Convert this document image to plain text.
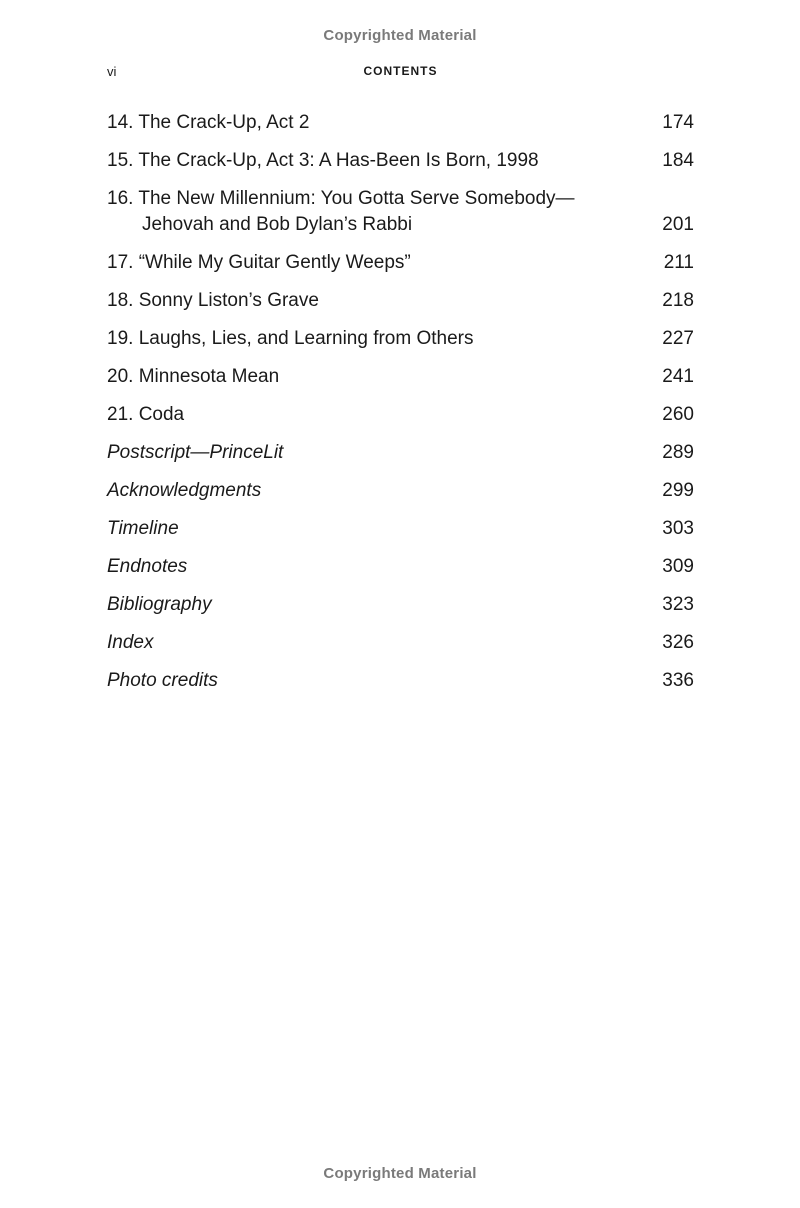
Copyrighted Material
vi	CONTENTS
14. The Crack-Up, Act 2	174
15. The Crack-Up, Act 3: A Has-Been Is Born, 1998	184
16. The New Millennium: You Gotta Serve Somebody—
Jehovah and Bob Dylan’s Rabbi	201
17. “While My Guitar Gently Weeps”	211
18. Sonny Liston’s Grave	218
19. Laughs, Lies, and Learning from Others	227
20. Minnesota Mean	241
21. Coda	260
Postscript—PrinceLit	289
Acknowledgments	299
Timeline	303
Endnotes	309
Bibliography	323
Index	326
Photo credits	336
Copyrighted Material
